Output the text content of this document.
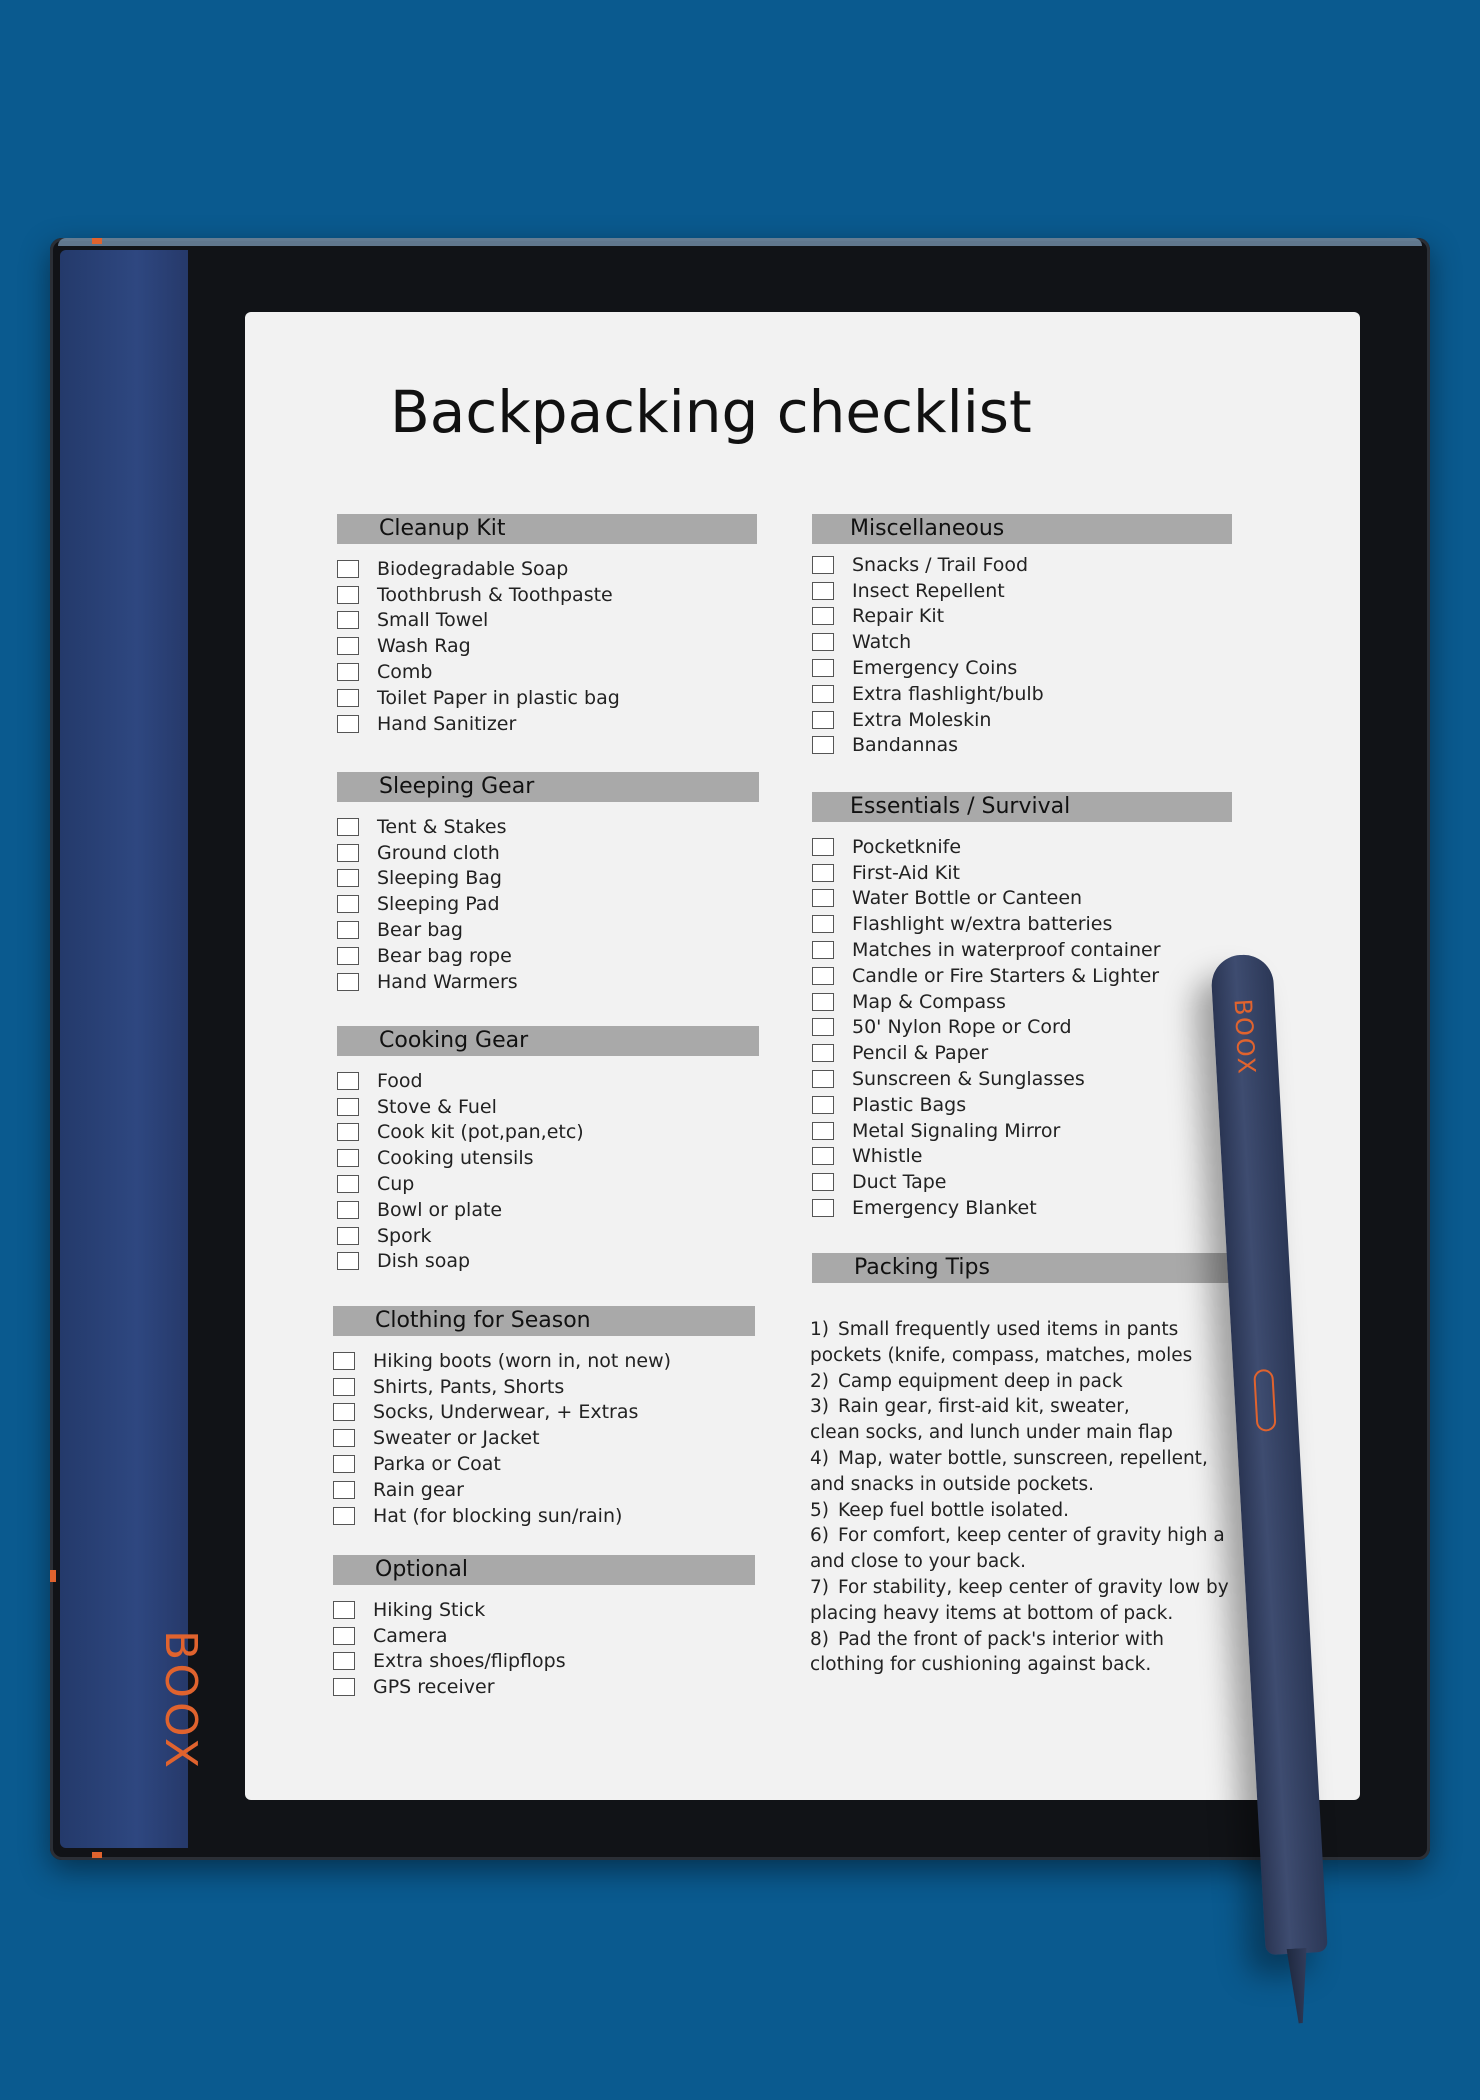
BOOX
Backpacking checklist
Cleanup Kit
Biodegradable Soap
Toothbrush & Toothpaste
Small Towel
Wash Rag
Comb
Toilet Paper in plastic bag
Hand Sanitizer
Sleeping Gear
Tent & Stakes
Ground cloth
Sleeping Bag
Sleeping Pad
Bear bag
Bear bag rope
Hand Warmers
Cooking Gear
Food
Stove & Fuel
Cook kit (pot,pan,etc)
Cooking utensils
Cup
Bowl or plate
Spork
Dish soap
Clothing for Season
Hiking boots (worn in, not new)
Shirts, Pants, Shorts
Socks, Underwear, + Extras
Sweater or Jacket
Parka or Coat
Rain gear
Hat (for blocking sun/rain)
Optional
Hiking Stick
Camera
Extra shoes/flipflops
GPS receiver
Miscellaneous
Snacks / Trail Food
Insect Repellent
Repair Kit
Watch
Emergency Coins
Extra flashlight/bulb
Extra Moleskin
Bandannas
Essentials / Survival
Pocketknife
First-Aid Kit
Water Bottle or Canteen
Flashlight w/extra batteries
Matches in waterproof container
Candle or Fire Starters & Lighter
Map & Compass
50' Nylon Rope or Cord
Pencil & Paper
Sunscreen & Sunglasses
Plastic Bags
Metal Signaling Mirror
Whistle
Duct Tape
Emergency Blanket
Packing Tips
1) Small frequently used items in pants
pockets (knife, compass, matches, moles
2) Camp equipment deep in pack
3) Rain gear, first-aid kit, sweater,
clean socks, and lunch under main flap
4) Map, water bottle, sunscreen, repellent,
and snacks in outside pockets.
5) Keep fuel bottle isolated.
6) For comfort, keep center of gravity high a
and close to your back.
7) For stability, keep center of gravity low by
placing heavy items at bottom of pack.
8) Pad the front of pack's interior with
clothing for cushioning against back.
BOOX
